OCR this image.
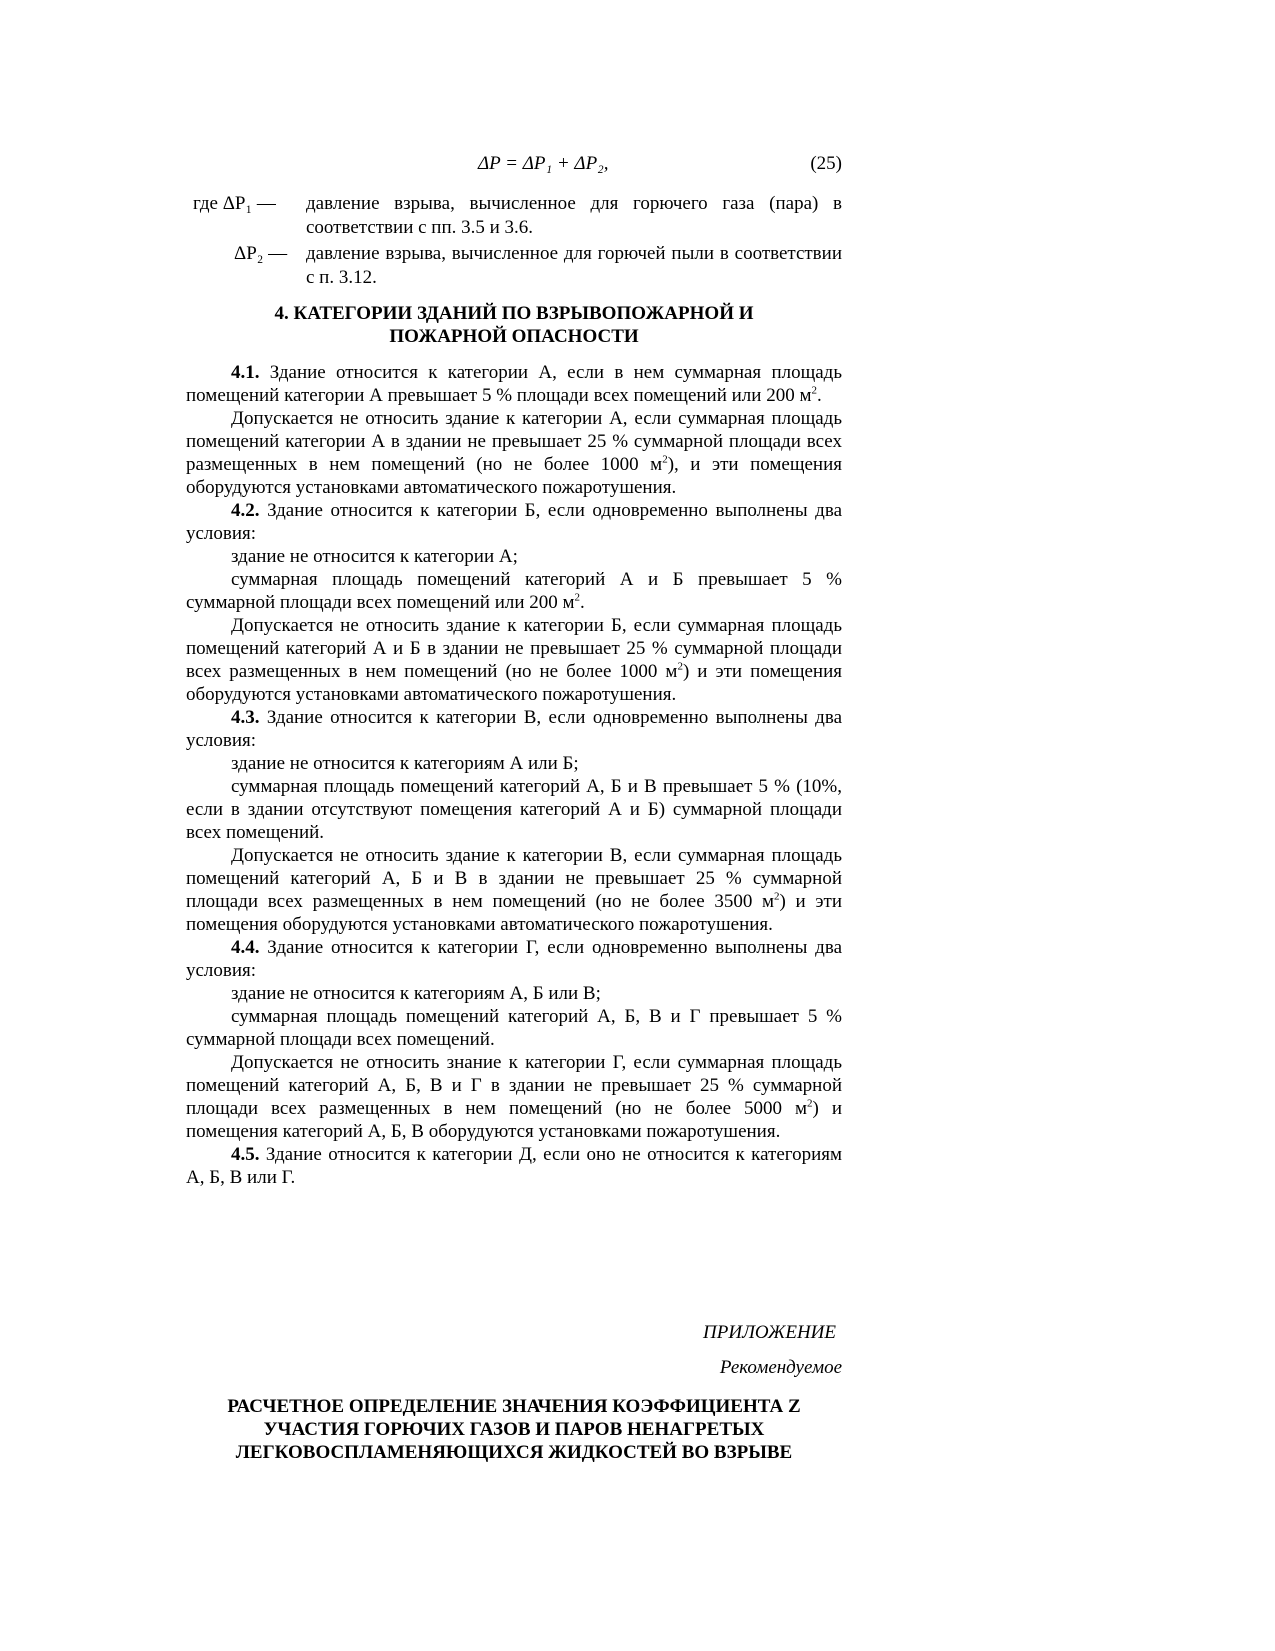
ΔP = ΔP₁ + ΔP₂,	(25)
где ΔP₁ —	давление взрыва, вычисленное для горючего газа (пара) в соответствии с пп. 3.5 и 3.6.
ΔP₂ — давление взрыва, вычисленное для горючей пыли в соответствии с п. 3.12.
4. КАТЕГОРИИ ЗДАНИЙ ПО ВЗРЫВОПОЖАРНОЙ И
ПОЖАРНОЙ ОПАСНОСТИ

4.1. Здание относится к категории А, если в нем суммарная площадь помещений категории А превышает 5 % площади всех помещений или 200 $м^2$.

Допускается не относить здание к категории А, если суммарная площадь помещений категории А в здании не превышает 25 % суммарной площади всех размещенных в нем помещений (но не более 1000 $м^2$), и эти помещения оборудуются установками автоматического пожаротушения.

4.2. Здание относится к категории Б, если одновременно выполнены два условия:

здание не относится к категории А;

суммарная площадь помещений категорий А и Б превышает 5 % суммарной площади всех помещений или 200 $м^2$.

Допускается не относить здание к категории Б, если суммарная площадь помещений категорий А и Б в здании не превышает 25 % суммарной площади всех размещенных в нем помещений (но не более 1000 $м^2$) и эти помещения оборудуются установками автоматического пожаротушения.

4.3. Здание относится к категории В, если одновременно выполнены два условия:

здание не относится к категориям А или Б;

суммарная площадь помещений категорий А, Б и В превышает 5 % (10%, если в здании отсутствуют помещения категорий А и Б) суммарной площади всех помещений.

Допускается не относить здание к категории В, если суммарная площадь помещений категорий А, Б и В в здании не превышает 25 % суммарной площади всех размещенных в нем помещений (но не более 3500 $м^2$) и эти помещения оборудуются установками автоматического пожаротушения.

4.4. Здание относится к категории Г, если одновременно выполнены два условия:

здание не относится к категориям А, Б или В;

суммарная площадь помещений категорий А, Б, В и Г превышает 5 % суммарной площади всех помещений.

Допускается не относить знание к категории Г, если суммарная площадь помещений категорий А, Б, В и Г в здании не превышает 25 % суммарной площади всех размещенных в нем помещений (но не более 5000 $м^2$) и помещения категорий А, Б, В оборудуются установками пожаротушения.

4.5. Здание относится к категории Д, если оно не относится к категориям А, Б, В или Г.

ПРИЛОЖЕНИЕ
Рекомендуемое
РАСЧЕТНОЕ ОПРЕДЕЛЕНИЕ ЗНАЧЕНИЯ КОЭФФИЦИЕНТА Z
УЧАСТИЯ ГОРЮЧИХ ГАЗОВ И ПАРОВ НЕНАГРЕТЫХ
ЛЕГКОВОСПЛАМЕНЯЮЩИХСЯ ЖИДКОСТЕЙ ВО ВЗРЫВЕ
